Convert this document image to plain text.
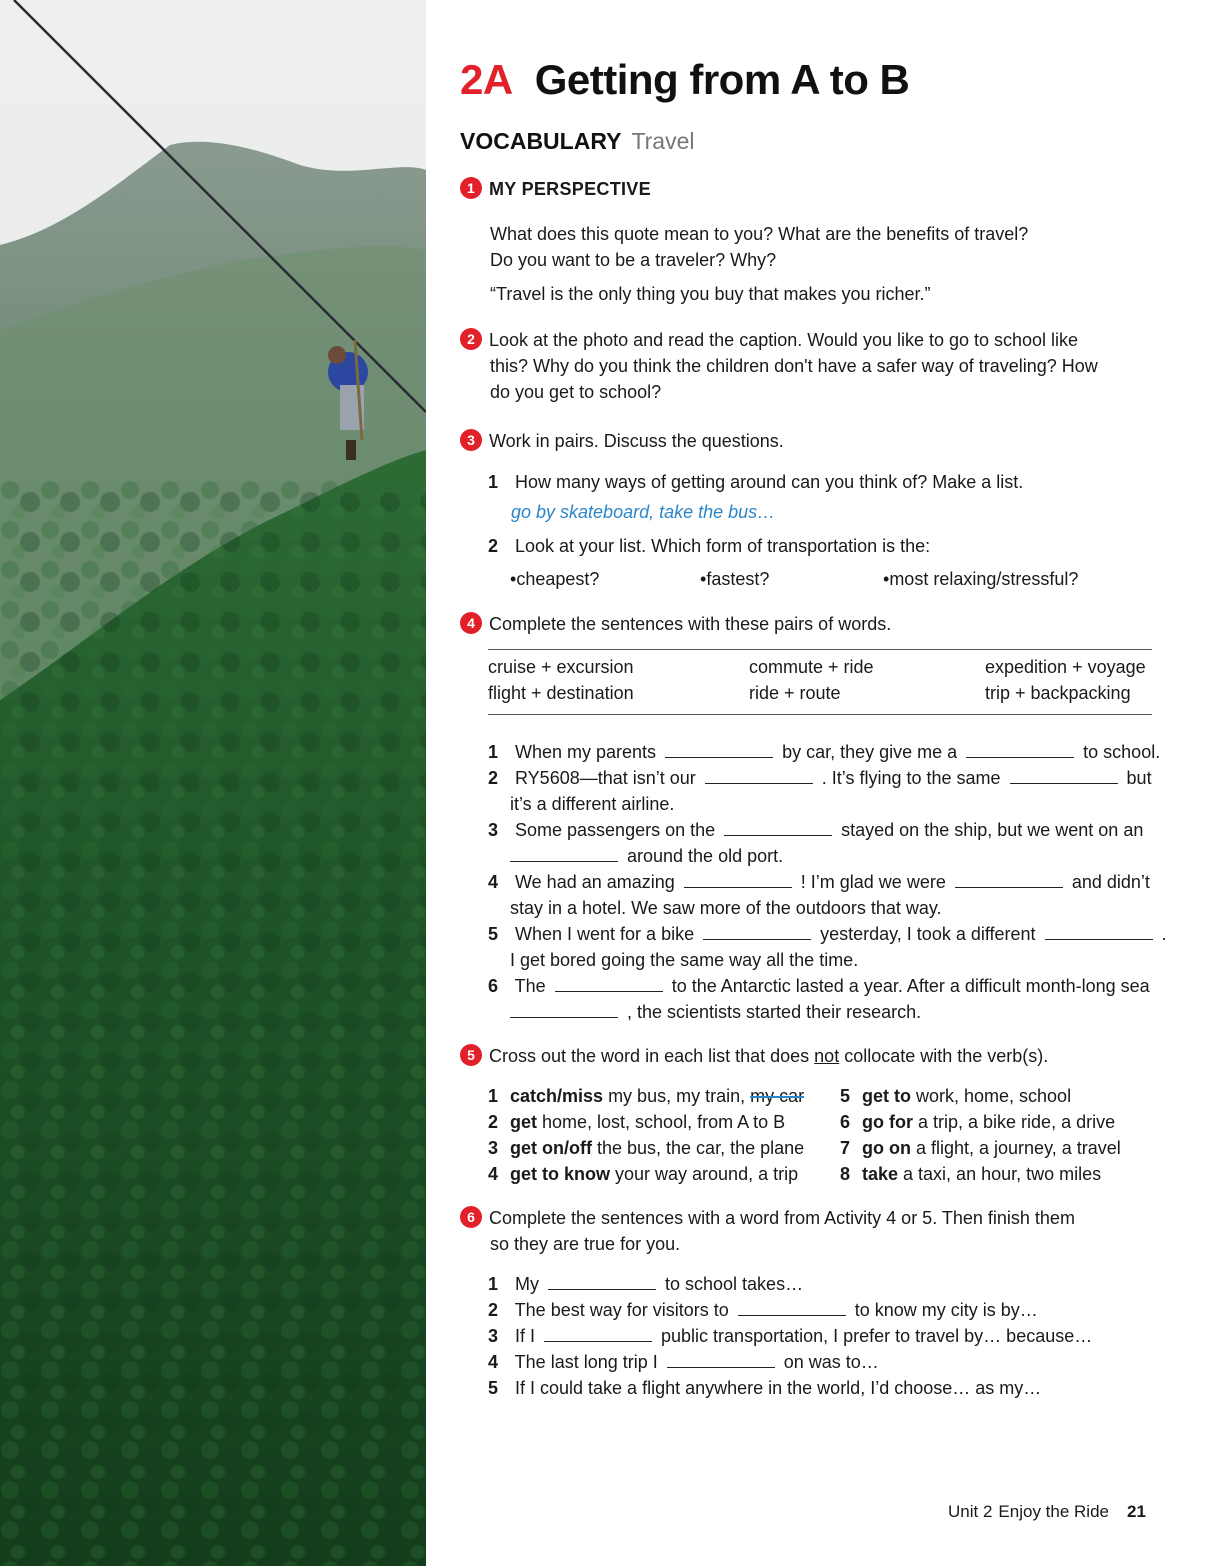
2A Getting from A to B
VOCABULARY Travel
1 MY PERSPECTIVE
What does this quote mean to you? What are the benefits of travel?
Do you want to be a traveler? Why?
“Travel is the only thing you buy that makes you richer.”
2 Look at the photo and read the caption. Would you like to go to school like
this? Why do you think the children don't have a safer way of traveling? How
do you get to school?
3 Work in pairs. Discuss the questions.
1 How many ways of getting around can you think of? Make a list.
go by skateboard, take the bus…
2 Look at your list. Which form of transportation is the:
• cheapest?	• fastest?	• most relaxing/stressful?
4 Complete the sentences with these pairs of words.
cruise + excursion	commute + ride	expedition + voyage
flight + destination	ride + route	trip + backpacking
1 When my parents	by car, they give me a	to school.
2 RY5608—that isn’t our	. It’s flying to the same	but
it’s a different airline.
3 Some passengers on the	stayed on the ship, but we went on an
around the old port.
4 We had an amazing	! I’m glad we were	and didn’t
stay in a hotel. We saw more of the outdoors that way.
5 When I went for a bike	yesterday, I took a different	.
I get bored going the same way all the time.
6 The	to the Antarctic lasted a year. After a difficult month-long sea
, the scientists started their research.
5 Cross out the word in each list that does not collocate with the verb(s).
1 catch/miss my bus, my train, my car
2 get home, lost, school, from A to B
3 get on/off the bus, the car, the plane
4 get to know your way around, a trip
5 get to work, home, school
6 go for a trip, a bike ride, a drive
7 go on a flight, a journey, a travel
8 take a taxi, an hour, two miles
6 Complete the sentences with a word from Activity 4 or 5. Then finish them
so they are true for you.
1 My	to school takes…
2 The best way for visitors to	to know my city is by…
3 If I	public transportation, I prefer to travel by… because…
4 The last long trip I	on was to…
5 If I could take a flight anywhere in the world, I’d choose… as my…
Unit 2 Enjoy the Ride 21
